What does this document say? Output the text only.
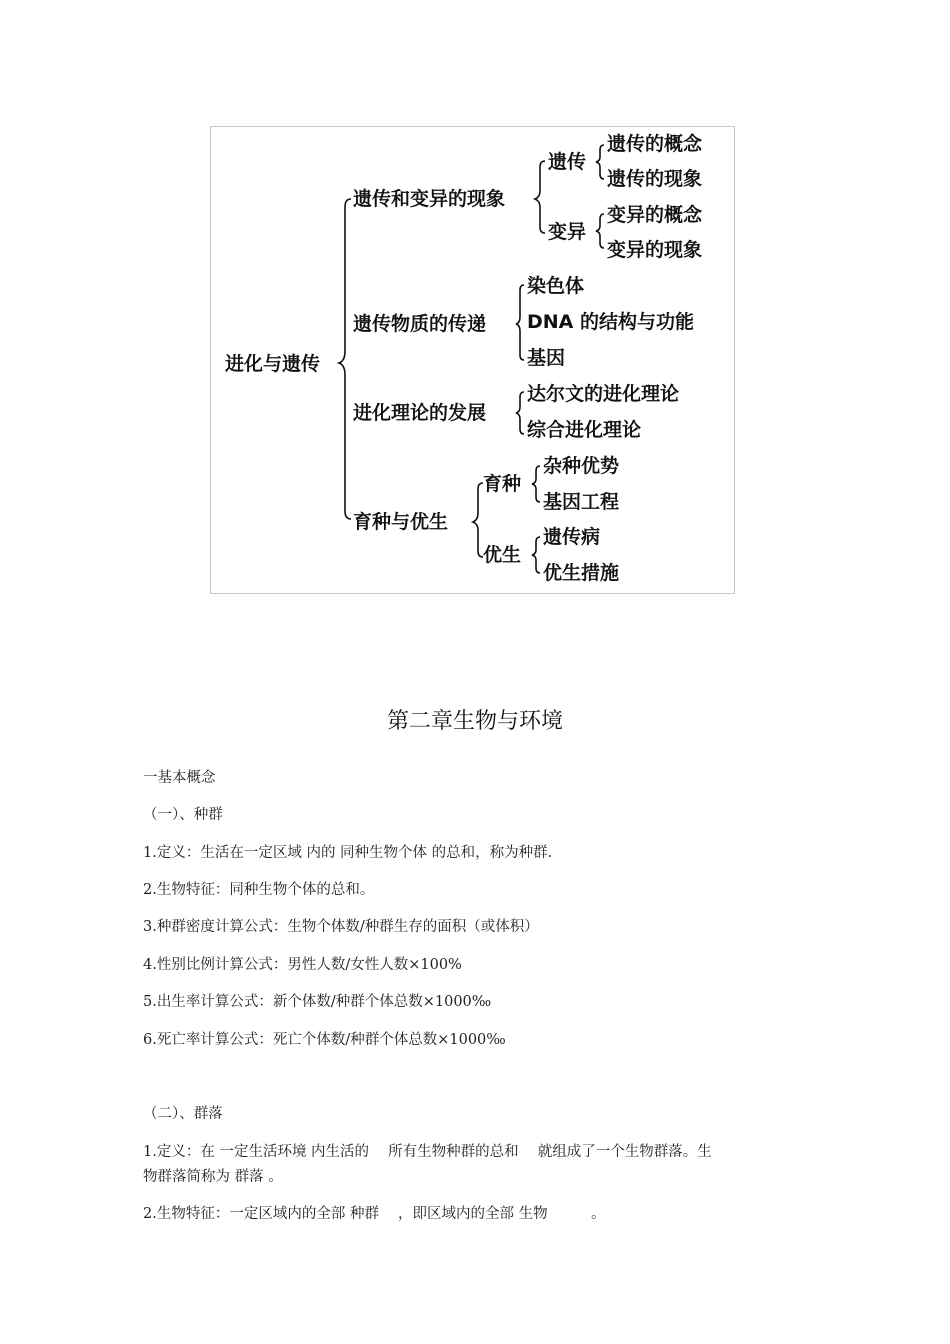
进化与遗传
遗传和变异的现象
遗传
遗传的概念
遗传的现象
变异
变异的概念
变异的现象
遗传物质的传递
染色体
DNA 的结构与功能
基因
进化理论的发展
达尔文的进化理论
综合进化理论
育种与优生
育种
杂种优势
基因工程
优生
遗传病
优生措施
第二章生物与环境
一基本概念
（一）、种群
1.定义：生活在一定区域 内的 同种生物个体 的总和，称为种群.
2.生物特征：同种生物个体的总和。
3.种群密度计算公式：生物个体数/种群生存的面积（或体积）
4.性别比例计算公式：男性人数/女性人数×100%
5.出生率计算公式：新个体数/种群个体总数×1000‰
6.死亡率计算公式：死亡个体数/种群个体总数×1000‰
（二）、群落
1.定义：在 一定生活环境 内生活的　 所有生物种群的总和　 就组成了一个生物群落。生
物群落简称为 群落 。
2.生物特征：一定区域内的全部 种群　 ，即区域内的全部 生物　　　。
